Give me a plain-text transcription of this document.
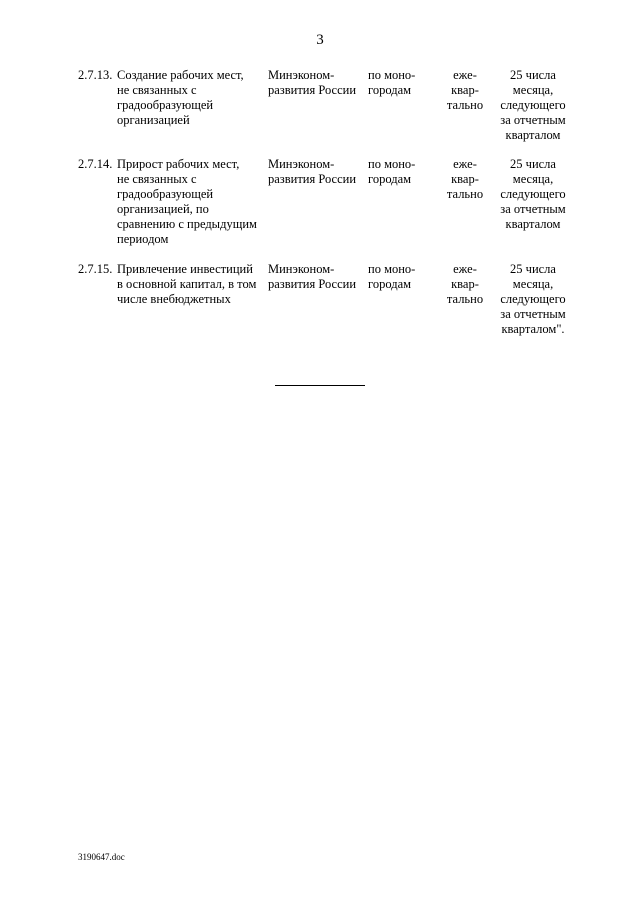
3
2.7.13. Создание рабочих мест,
не связанных с
градообразующей
организацией
Минэконом-
развития России
по моно-
городам
еже-
квар-
тально
25 числа
месяца,
следующего
за отчетным
кварталом
2.7.14. Прирост рабочих мест,
не связанных с
градообразующей
организацией, по
сравнению с предыдущим
периодом
Минэконом-
развития России
по моно-
городам
еже-
квар-
тально
25 числа
месяца,
следующего
за отчетным
кварталом
2.7.15. Привлечение инвестиций
в основной капитал, в том
числе внебюджетных
Минэконом-
развития России
по моно-
городам
еже-
квар-
тально
25 числа
месяца,
следующего
за отчетным
кварталом".
3190647.doc
